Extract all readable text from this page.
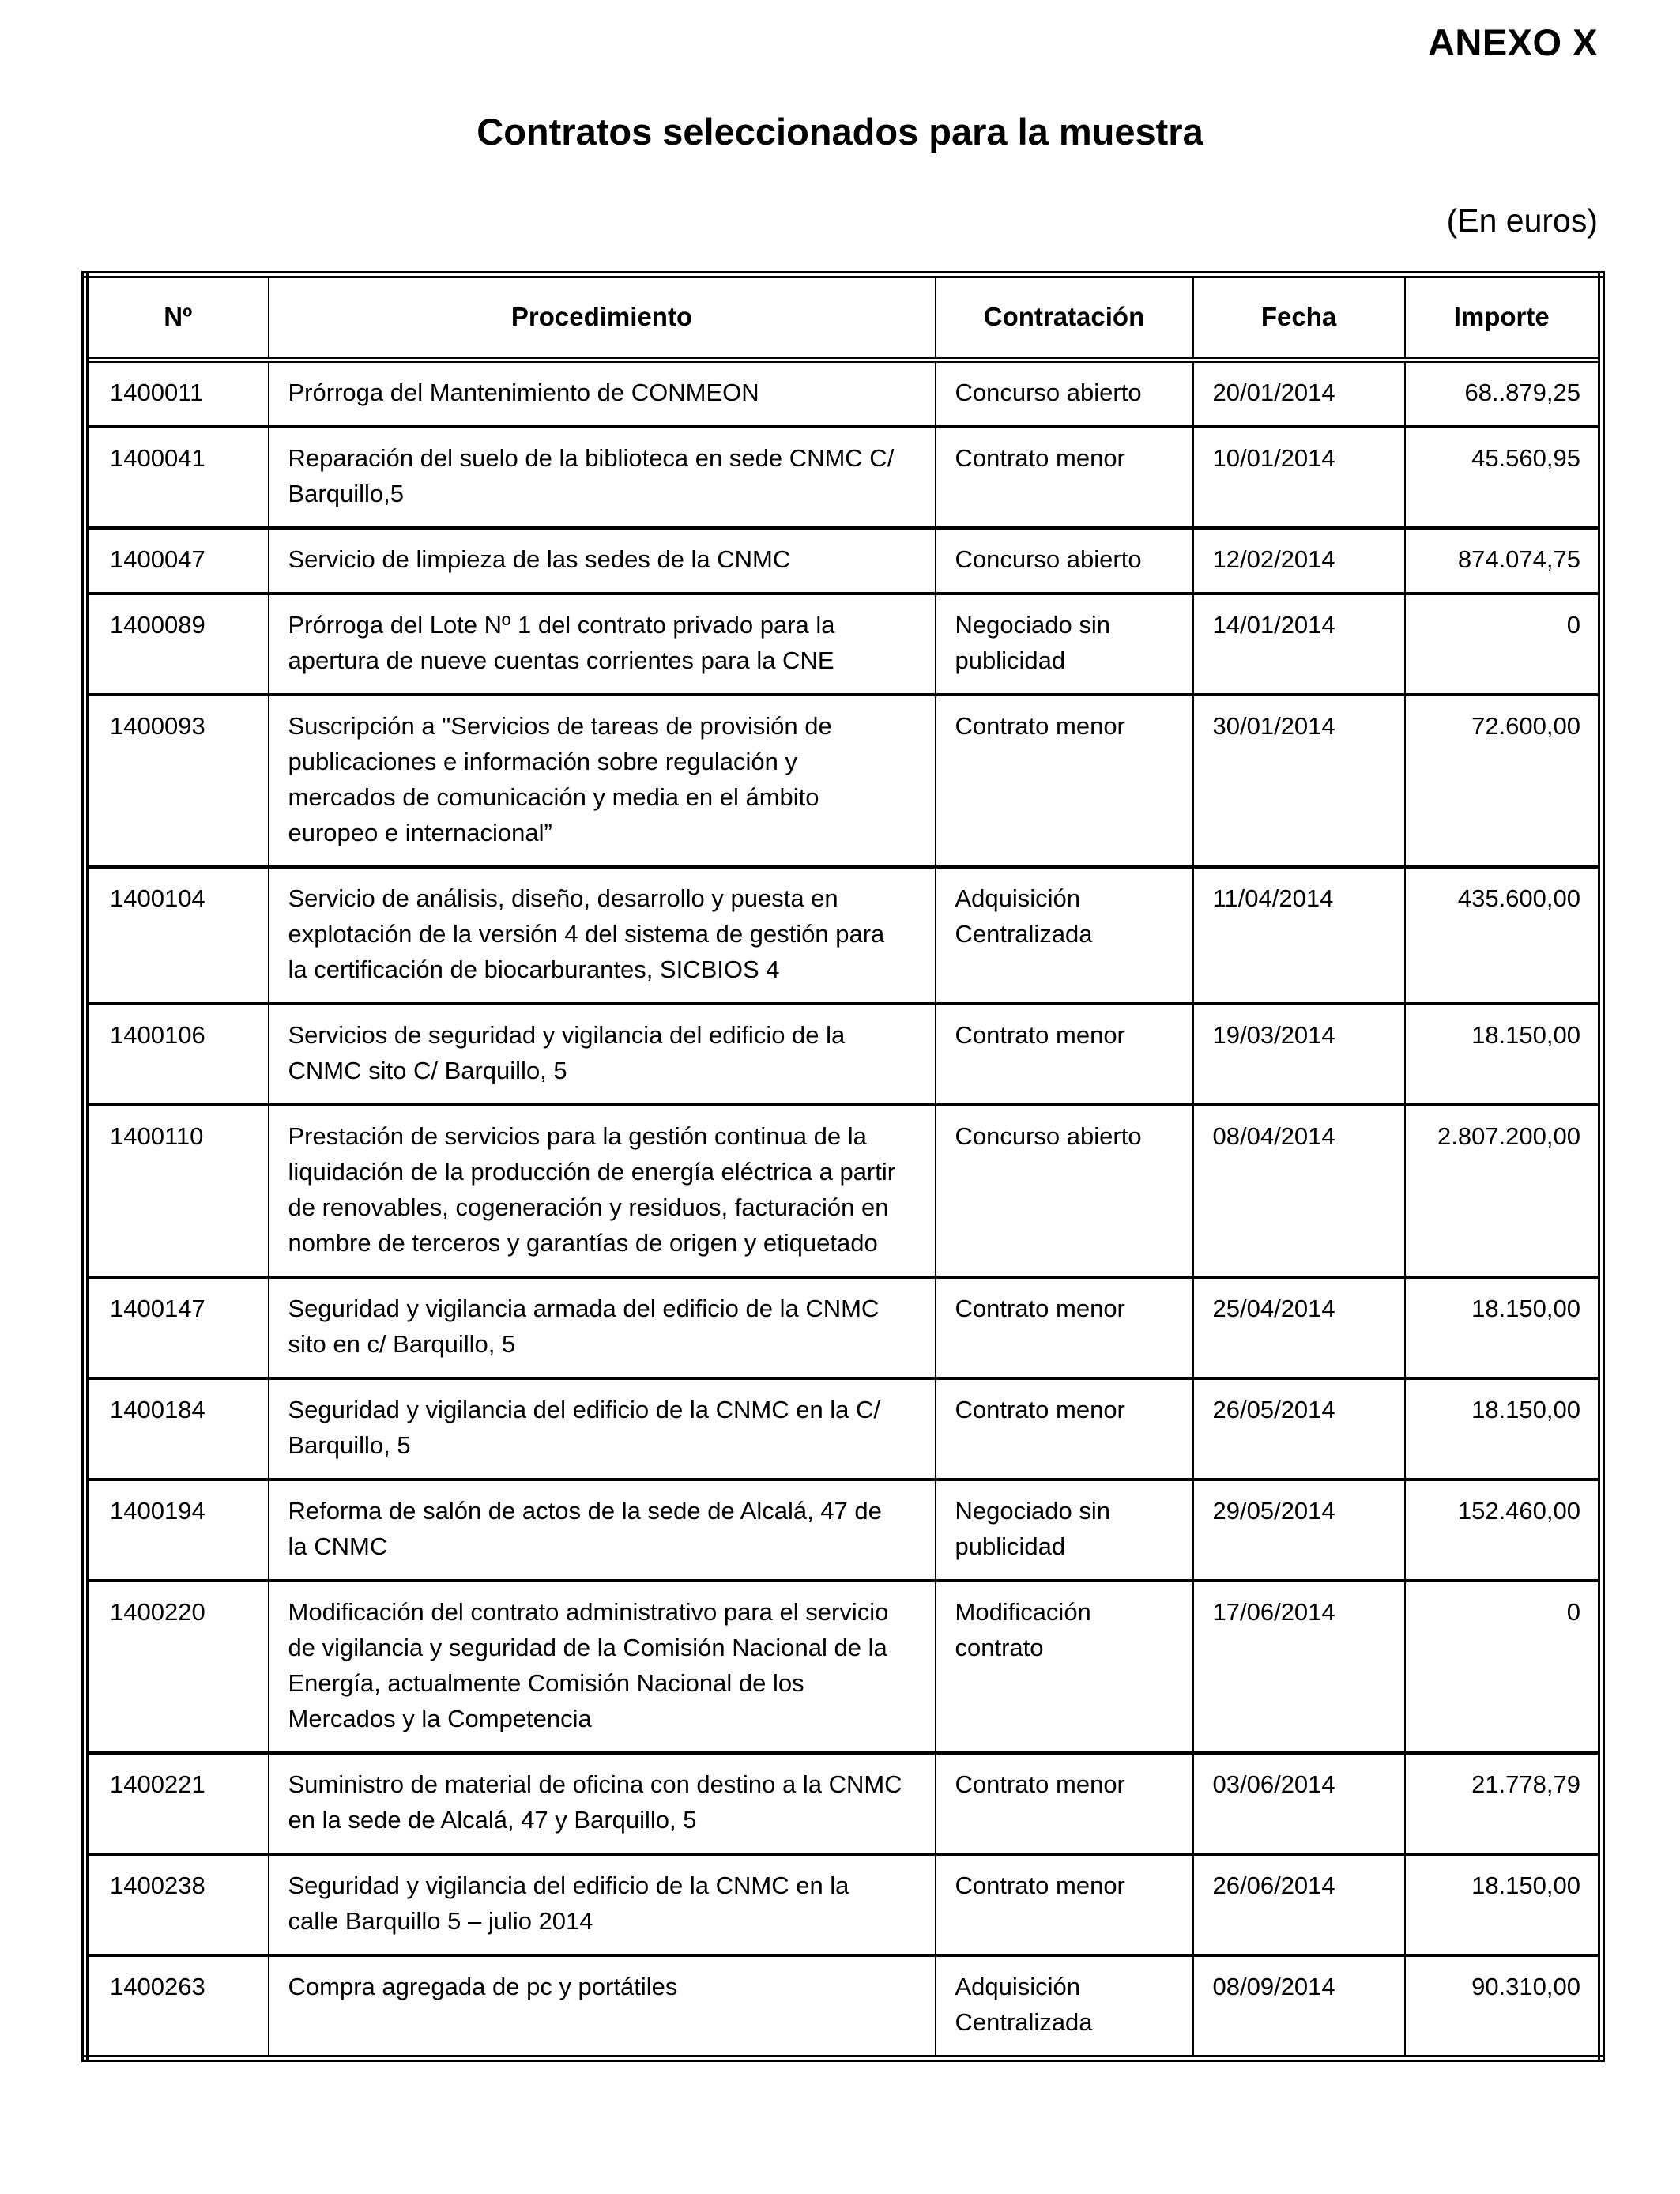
ANEXO X
Contratos seleccionados para la muestra
(En euros)
Nº	Procedimiento	Contratación	Fecha	Importe
1400011	Prórroga del Mantenimiento de CONMEON	Concurso abierto	20/01/2014	68..879,25
1400041	Reparación del suelo de la biblioteca en sede CNMC C/ Barquillo,5	Contrato menor	10/01/2014	45.560,95
1400047	Servicio de limpieza de las sedes de la CNMC	Concurso abierto	12/02/2014	874.074,75
1400089	Prórroga del Lote Nº 1 del contrato privado para la apertura de nueve cuentas corrientes para la CNE	Negociado sin publicidad	14/01/2014	0
1400093	Suscripción a "Servicios de tareas de provisión de publicaciones e información sobre regulación y mercados de comunicación y media en el ámbito europeo e internacional”	Contrato menor	30/01/2014	72.600,00
1400104	Servicio de análisis, diseño, desarrollo y puesta en explotación de la versión 4 del sistema de gestión para la certificación de biocarburantes, SICBIOS 4	Adquisición Centralizada	11/04/2014	435.600,00
1400106	Servicios de seguridad y vigilancia del edificio de la CNMC sito C/ Barquillo, 5	Contrato menor	19/03/2014	18.150,00
1400110	Prestación de servicios para la gestión continua de la liquidación de la producción de energía eléctrica a partir de renovables, cogeneración y residuos, facturación en nombre de terceros y garantías de origen y etiquetado	Concurso abierto	08/04/2014	2.807.200,00
1400147	Seguridad y vigilancia armada del edificio de la CNMC sito en c/ Barquillo, 5	Contrato menor	25/04/2014	18.150,00
1400184	Seguridad y vigilancia del edificio de la CNMC en la C/ Barquillo, 5	Contrato menor	26/05/2014	18.150,00
1400194	Reforma de salón de actos de la sede de Alcalá, 47 de la CNMC	Negociado sin publicidad	29/05/2014	152.460,00
1400220	Modificación del contrato administrativo para el servicio de vigilancia y seguridad de la Comisión Nacional de la Energía, actualmente Comisión Nacional de los Mercados y la Competencia	Modificación contrato	17/06/2014	0
1400221	Suministro de material de oficina con destino a la CNMC en la sede de Alcalá, 47 y Barquillo, 5	Contrato menor	03/06/2014	21.778,79
1400238	Seguridad y vigilancia del edificio de la CNMC en la calle Barquillo 5 – julio 2014	Contrato menor	26/06/2014	18.150,00
1400263	Compra agregada de pc y portátiles	Adquisición Centralizada	08/09/2014	90.310,00
